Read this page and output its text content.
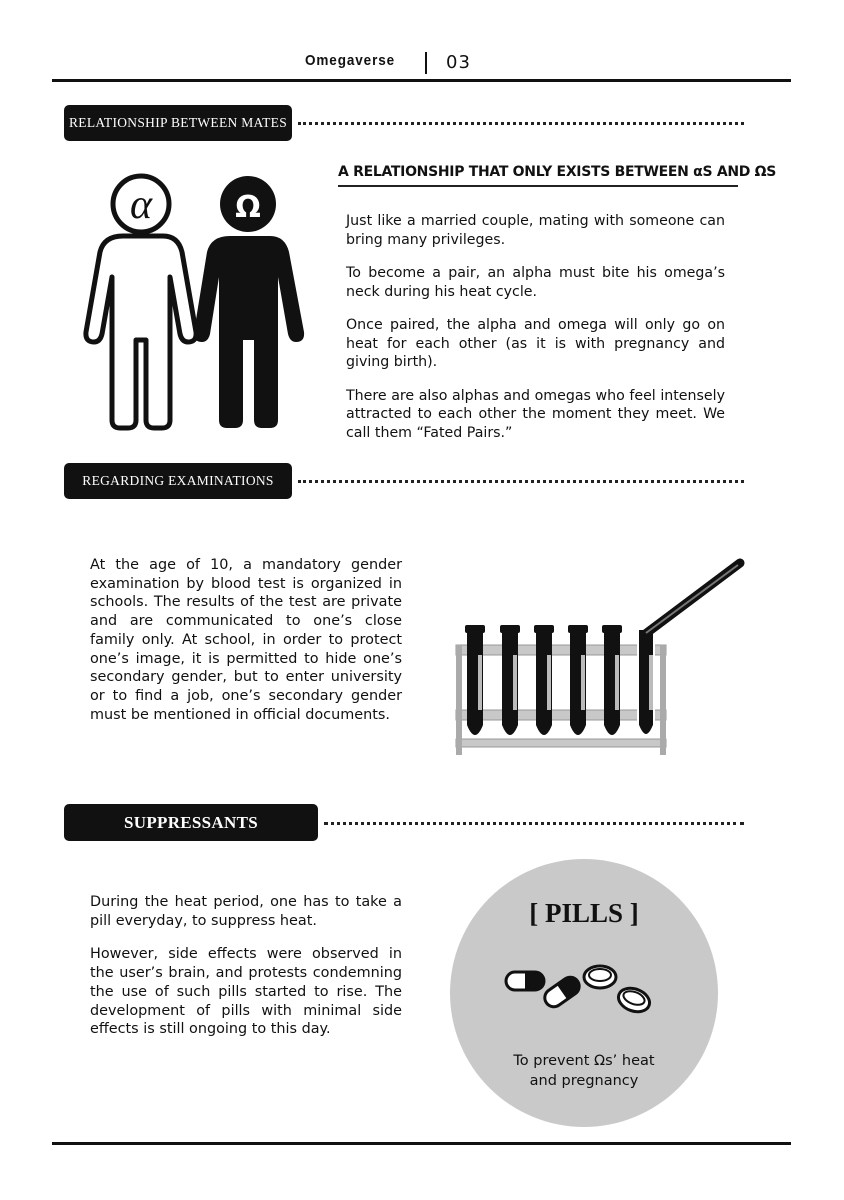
Omegaverse	03
RELATIONSHIP BETWEEN MATES
α	Ω
A RELATIONSHIP THAT ONLY EXISTS BETWEEN αS AND ΩS

Just like a married couple, mating with someone can bring many privileges.

To become a pair, an alpha must bite his omega’s neck during his heat cycle.

Once paired, the alpha and omega will only go on heat for each other (as it is with pregnancy and giving birth).

There are also alphas and omegas who feel intensely attracted to each other the moment they meet. We call them “Fated Pairs.”

REGARDING EXAMINATIONS
At the age of 10, a mandatory gender examination by blood test is organized in schools. The results of the test are private and are communicated to one’s close family only. At school, in order to protect one’s image, it is permitted to hide one’s secondary gender, but to enter university or to find a job, one’s secondary gender must be mentioned in official documents.
SUPPRESSANTS

During the heat period, one has to take a pill everyday, to suppress heat.

However, side effects were observed in the user’s brain, and protests condemning the use of such pills started to rise. The development of pills with minimal side effects is still ongoing to this day.

[ PILLS ]
To prevent Ωs’ heat
and pregnancy
